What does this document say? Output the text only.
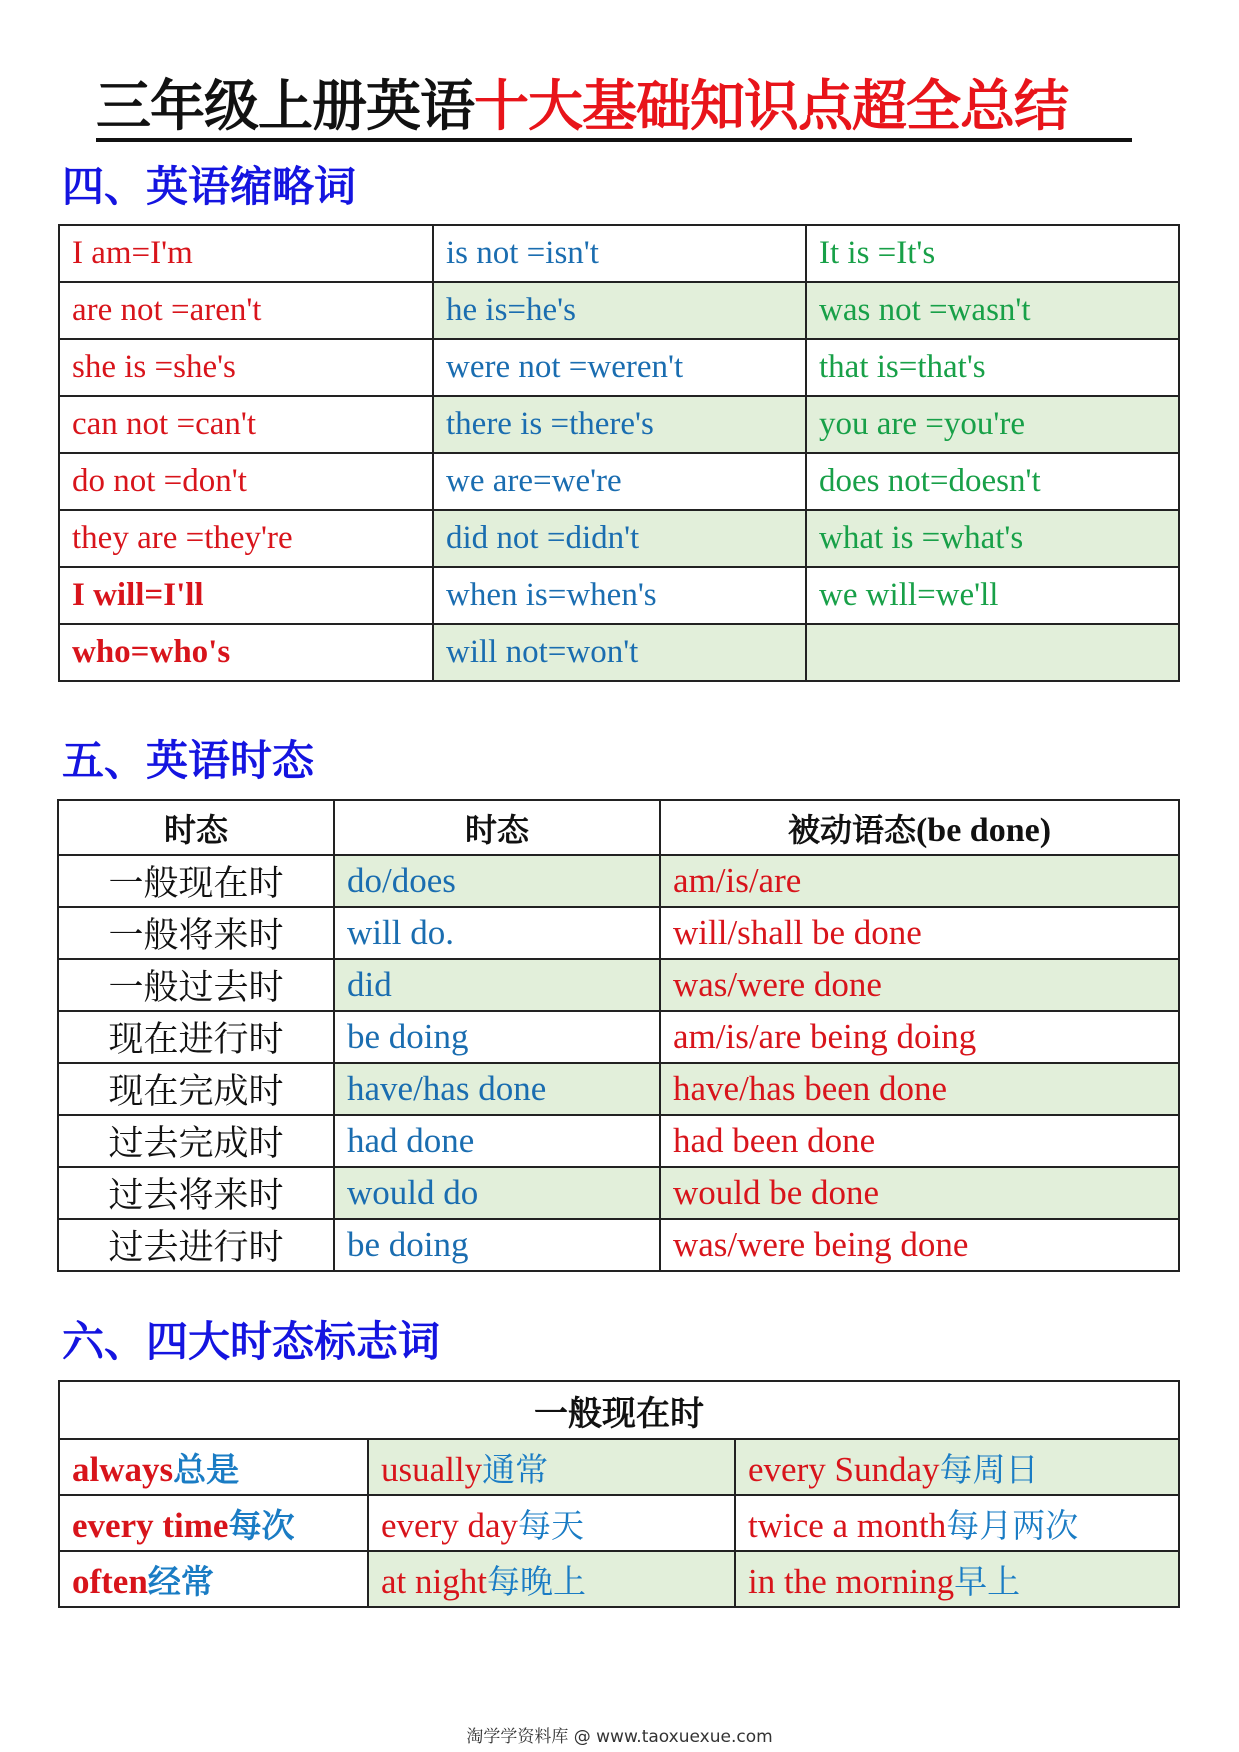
三年级上册英语十大基础知识点超全总结
四、英语缩略词
I am=I'm	is not =isn't	It is =It's
are not =aren't	he is=he's	was not =wasn't
she is =she's	were not =weren't	that is=that's
can not =can't	there is =there's	you are =you're
do not =don't	we are=we're	does not=doesn't
they are =they're	did not =didn't	what is =what's
I will=I'll	when is=when's	we will=we'll
who=who's	will not=won't	
五、英语时态
时态	时态	被动语态(be done)
一般现在时	do/does	am/is/are
一般将来时	will do.	will/shall be done
一般过去时	did	was/were done
现在进行时	be doing	am/is/are being doing
现在完成时	have/has done	have/has been done
过去完成时	had done	had been done
过去将来时	would do	would be done
过去进行时	be doing	was/were being done
六、四大时态标志词
一般现在时		
always总是	usually通常	every Sunday每周日
every time每次	every day每天	twice a month每月两次
often经常	at night每晚上	in the morning早上
淘学学资料库 @ www.taoxuexue.com
